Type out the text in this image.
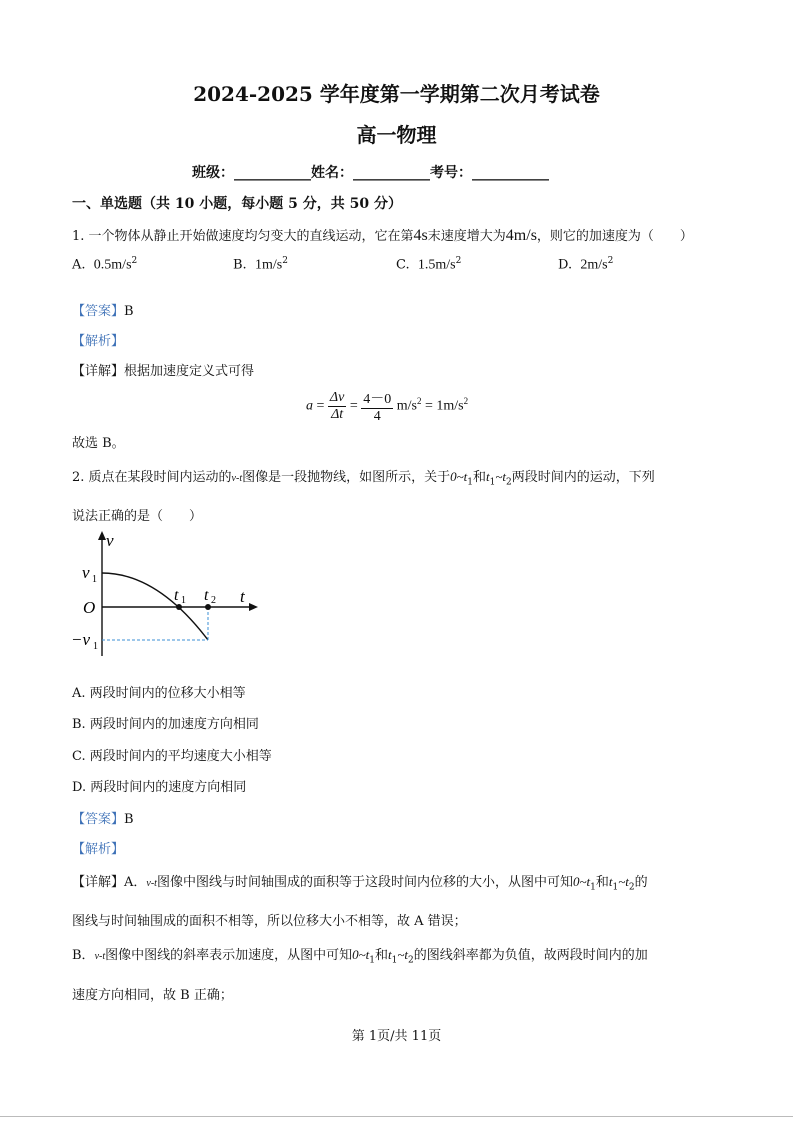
2024-2025 学年度第一学期第二次月考试卷
高一物理
班级：___________姓名：___________考号：___________
一、单选题（共 10 小题，每小题 5 分，共 50 分）
1. 一个物体从静止开始做速度均匀变大的直线运动，它在第4s末速度增大为4m/s，则它的加速度为（　　）
A. $0.5m/s^2$	B. $1m/s^2$	C. $1.5m/s^2$	D. $2m/s^2$
【答案】B
【解析】
【详解】根据加速度定义式可得
$a = \frac{\Delta v}{\Delta t} = \frac{4-0}{4} m/s^2 = 1m/s^2$
故选 B。
2. 质点在某段时间内运动的v-t图像是一段抛物线，如图所示，关于$0\sim t_1$和$t_1\sim t_2$两段时间内的运动，下列
说法正确的是（　　）
v
t
O
v 1
−v 1
t 1 t 2
A. 两段时间内的位移大小相等
B. 两段时间内的加速度方向相同
C. 两段时间内的平均速度大小相等
D. 两段时间内的速度方向相同
【答案】B
【解析】
【详解】A．v-t图像中图线与时间轴围成的面积等于这段时间内位移的大小，从图中可知$0\sim t_1$和$t_1\sim t_2$的
图线与时间轴围成的面积不相等，所以位移大小不相等，故 A 错误；
B．v-t图像中图线的斜率表示加速度，从图中可知$0\sim t_1$和$t_1\sim t_2$的图线斜率都为负值，故两段时间内的加
速度方向相同，故 B 正确；
第 1页/共 11页
